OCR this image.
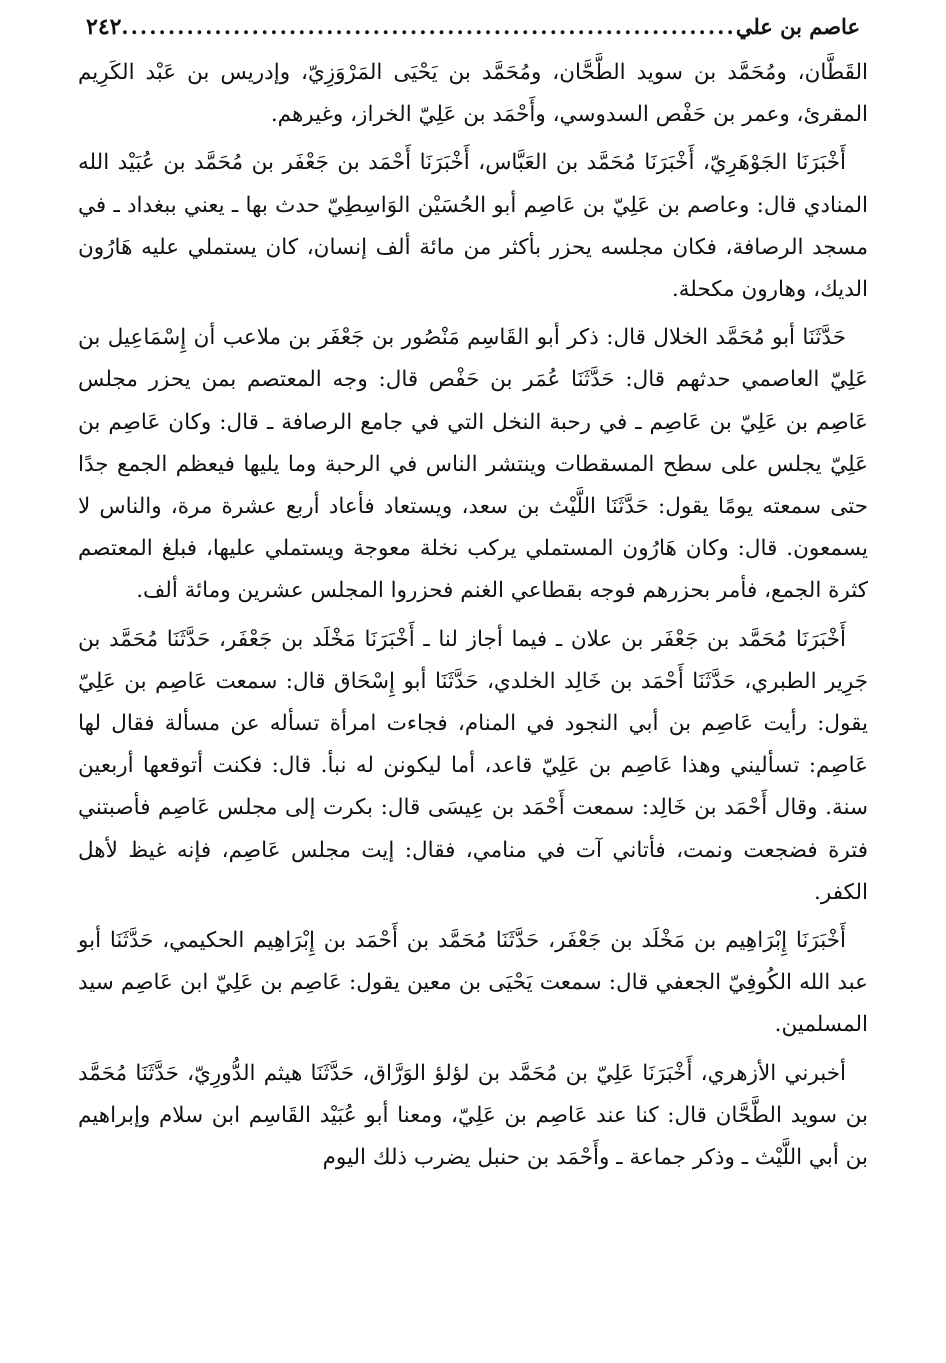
عاصم بن علي
.....
٢٤٢

القَطَّان، ومُحَمَّد بن سويد الطَّحَّان، ومُحَمَّد بن يَحْيَى المَرْوَزِيّ، وإدريس بن عَبْد الكَرِيم المقرئ، وعمر بن حَفْص السدوسي، وأَحْمَد بن عَلِيّ الخراز، وغيرهم.

أَخْبَرَنَا الجَوْهَرِيّ، أَخْبَرَنَا مُحَمَّد بن العَبَّاس، أَخْبَرَنَا أَحْمَد بن جَعْفَر بن مُحَمَّد بن عُبَيْد الله المنادي قال: وعاصم بن عَلِيّ بن عَاصِم أبو الحُسَيْن الوَاسِطِيّ حدث بها ـ يعني ببغداد ـ في مسجد الرصافة، فكان مجلسه يحزر بأكثر من مائة ألف إنسان، كان يستملي عليه هَارُون الديك، وهارون مكحلة.

حَدَّثَنَا أبو مُحَمَّد الخلال قال: ذكر أبو القَاسِم مَنْصُور بن جَعْفَر بن ملاعب أن إِسْمَاعِيل بن عَلِيّ العاصمي حدثهم قال: حَدَّثَنَا عُمَر بن حَفْص قال: وجه المعتصم بمن يحزر مجلس عَاصِم بن عَلِيّ بن عَاصِم ـ في رحبة النخل التي في جامع الرصافة ـ قال: وكان عَاصِم بن عَلِيّ يجلس على سطح المسقطات وينتشر الناس في الرحبة وما يليها فيعظم الجمع جدًا حتى سمعته يومًا يقول: حَدَّثَنَا اللَّيْث بن سعد، ويستعاد فأعاد أربع عشرة مرة، والناس لا يسمعون. قال: وكان هَارُون المستملي يركب نخلة معوجة ويستملي عليها، فبلغ المعتصم كثرة الجمع، فأمر بحزرهم فوجه بقطاعي الغنم فحزروا المجلس عشرين ومائة ألف.

أَخْبَرَنَا مُحَمَّد بن جَعْفَر بن علان ـ فيما أجاز لنا ـ أَخْبَرَنَا مَخْلَد بن جَعْفَر، حَدَّثَنَا مُحَمَّد بن جَرِير الطبري، حَدَّثَنَا أَحْمَد بن خَالِد الخلدي، حَدَّثَنَا أبو إِسْحَاق قال: سمعت عَاصِم بن عَلِيّ يقول: رأيت عَاصِم بن أبي النجود في المنام، فجاءت امرأة تسأله عن مسألة فقال لها عَاصِم: تسأليني وهذا عَاصِم بن عَلِيّ قاعد، أما ليكونن له نبأ. قال: فكنت أتوقعها أربعين سنة. وقال أَحْمَد بن خَالِد: سمعت أَحْمَد بن عِيسَى قال: بكرت إلى مجلس عَاصِم فأصبتني فترة فضجعت ونمت، فأتاني آت في منامي، فقال: إيت مجلس عَاصِم، فإنه غيظ لأهل الكفر.

أَخْبَرَنَا إِبْرَاهِيم بن مَخْلَد بن جَعْفَر، حَدَّثَنَا مُحَمَّد بن أَحْمَد بن إِبْرَاهِيم الحكيمي، حَدَّثَنَا أبو عبد الله الكُوفِيّ الجعفي قال: سمعت يَحْيَى بن معين يقول: عَاصِم بن عَلِيّ ابن عَاصِم سيد المسلمين.

أخبرني الأزهري، أَخْبَرَنَا عَلِيّ بن مُحَمَّد بن لؤلؤ الوَرَّاق، حَدَّثَنَا هيثم الدُّورِيّ، حَدَّثَنَا مُحَمَّد بن سويد الطَّحَّان قال: كنا عند عَاصِم بن عَلِيّ، ومعنا أبو عُبَيْد القَاسِم ابن سلام وإبراهيم بن أبي اللَّيْث ـ وذكر جماعة ـ وأَحْمَد بن حنبل يضرب ذلك اليوم
